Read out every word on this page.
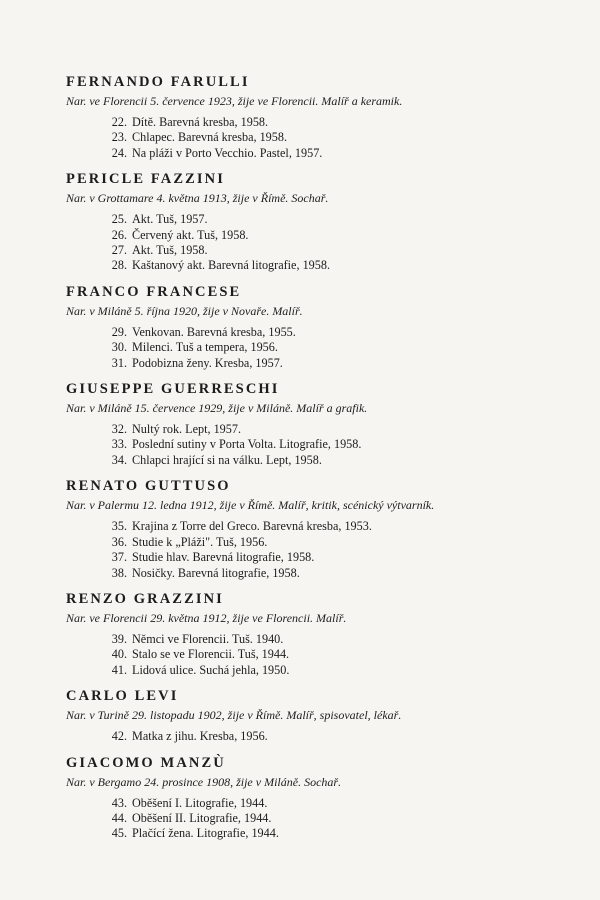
FERNANDO FARULLI

Nar. ve Florencii 5. července 1923, žije ve Florencii. Malíř a keramik.

22. Dítě. Barevná kresba, 1958.
23. Chlapec. Barevná kresba, 1958.
24. Na pláži v Porto Vecchio. Pastel, 1957.
PERICLE FAZZINI

Nar. v Grottamare 4. května 1913, žije v Římě. Sochař.

25. Akt. Tuš, 1957.
26. Červený akt. Tuš, 1958.
27. Akt. Tuš, 1958.
28. Kaštanový akt. Barevná litografie, 1958.
FRANCO FRANCESE

Nar. v Miláně 5. října 1920, žije v Novaře. Malíř.

29. Venkovan. Barevná kresba, 1955.
30. Milenci. Tuš a tempera, 1956.
31. Podobizna ženy. Kresba, 1957.
GIUSEPPE GUERRESCHI

Nar. v Miláně 15. července 1929, žije v Miláně. Malíř a grafik.

32. Nultý rok. Lept, 1957.
33. Poslední sutiny v Porta Volta. Litografie, 1958.
34. Chlapci hrající si na válku. Lept, 1958.
RENATO GUTTUSO

Nar. v Palermu 12. ledna 1912, žije v Římě. Malíř, kritik, scénický výtvarník.

35. Krajina z Torre del Greco. Barevná kresba, 1953.
36. Studie k „Pláži". Tuš, 1956.
37. Studie hlav. Barevná litografie, 1958.
38. Nosičky. Barevná litografie, 1958.
RENZO GRAZZINI

Nar. ve Florencii 29. května 1912, žije ve Florencii. Malíř.

39. Němci ve Florencii. Tuš. 1940.
40. Stalo se ve Florencii. Tuš, 1944.
41. Lidová ulice. Suchá jehla, 1950.
CARLO LEVI

Nar. v Turině 29. listopadu 1902, žije v Římě. Malíř, spisovatel, lékař.

42. Matka z jihu. Kresba, 1956.
GIACOMO MANZÙ

Nar. v Bergamo 24. prosince 1908, žije v Miláně. Sochař.

43. Oběšení I. Litografie, 1944.
44. Oběšení II. Litografie, 1944.
45. Plačící žena. Litografie, 1944.
